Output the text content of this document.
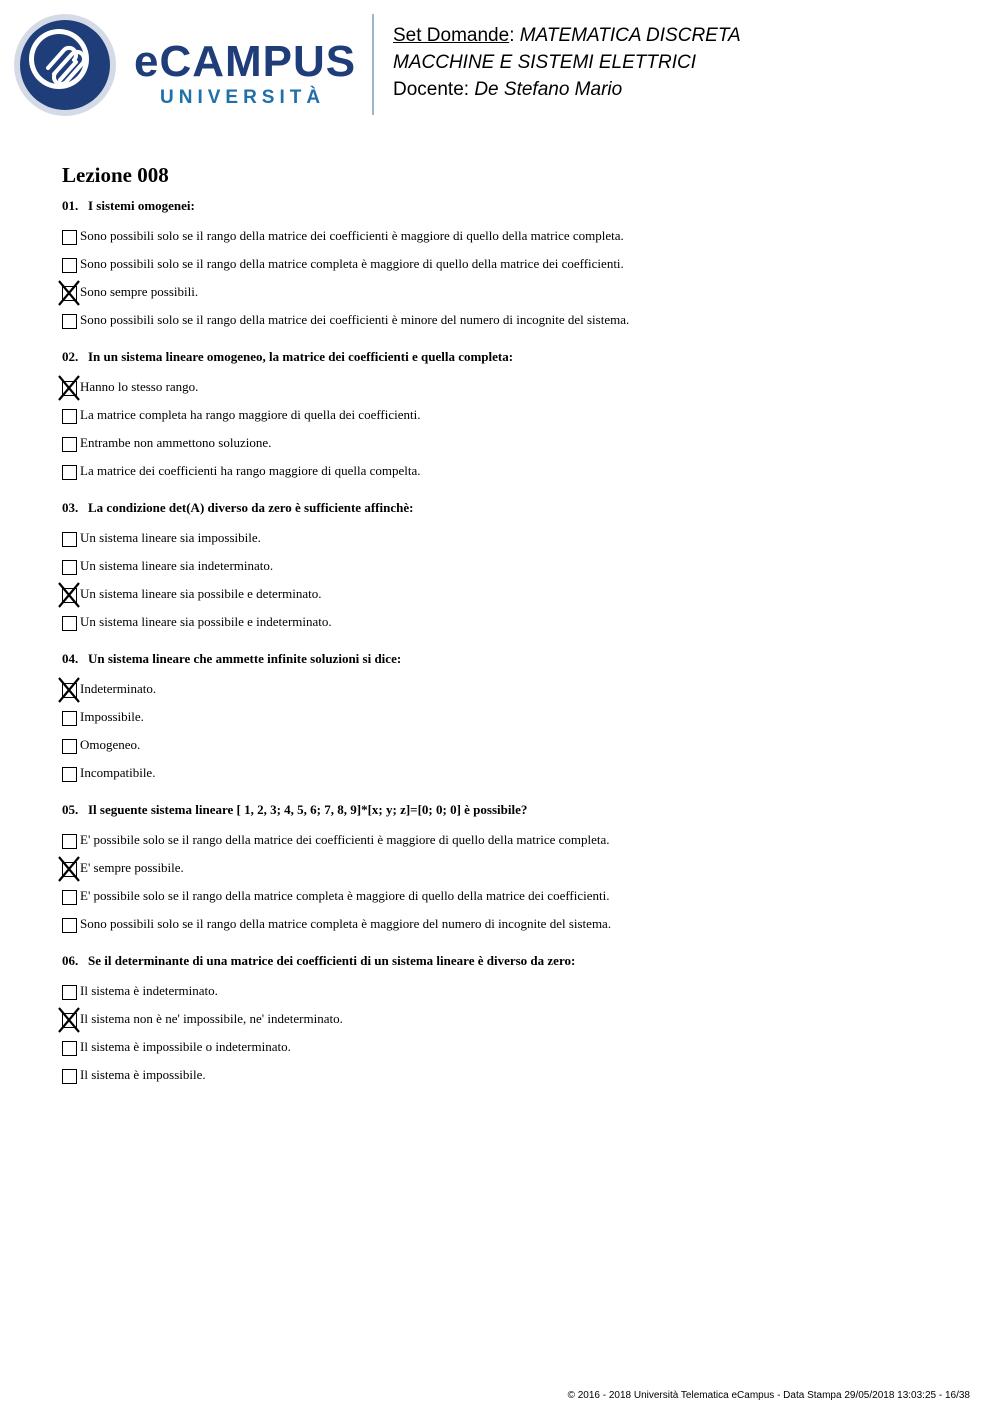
eCAMPUS
UNIVERSITÀ
Set Domande: MATEMATICA DISCRETA
MACCHINE E SISTEMI ELETTRICI
Docente: De Stefano Mario
Lezione 008
01. I sistemi omogenei:
Sono possibili solo se il rango della matrice dei coefficienti è maggiore di quello della matrice completa.
Sono possibili solo se il rango della matrice completa è maggiore di quello della matrice dei coefficienti.
Sono sempre possibili.
Sono possibili solo se il rango della matrice dei coefficienti è minore del numero di incognite del sistema.
02. In un sistema lineare omogeneo, la matrice dei coefficienti e quella completa:
Hanno lo stesso rango.
La matrice completa ha rango maggiore di quella dei coefficienti.
Entrambe non ammettono soluzione.
La matrice dei coefficienti ha rango maggiore di quella compelta.
03. La condizione det(A) diverso da zero è sufficiente affinchè:
Un sistema lineare sia impossibile.
Un sistema lineare sia indeterminato.
Un sistema lineare sia possibile e determinato.
Un sistema lineare sia possibile e indeterminato.
04. Un sistema lineare che ammette infinite soluzioni si dice:
Indeterminato.
Impossibile.
Omogeneo.
Incompatibile.
05. Il seguente sistema lineare [ 1, 2, 3; 4, 5, 6; 7, 8, 9]*[x; y; z]=[0; 0; 0] è possibile?
E' possibile solo se il rango della matrice dei coefficienti è maggiore di quello della matrice completa.
E' sempre possibile.
E' possibile solo se il rango della matrice completa è maggiore di quello della matrice dei coefficienti.
Sono possibili solo se il rango della matrice completa è maggiore del numero di incognite del sistema.
06. Se il determinante di una matrice dei coefficienti di un sistema lineare è diverso da zero:
Il sistema è indeterminato.
Il sistema non è ne' impossibile, ne' indeterminato.
Il sistema è impossibile o indeterminato.
Il sistema è impossibile.
© 2016 - 2018 Università Telematica eCampus - Data Stampa 29/05/2018 13:03:25 - 16/38
